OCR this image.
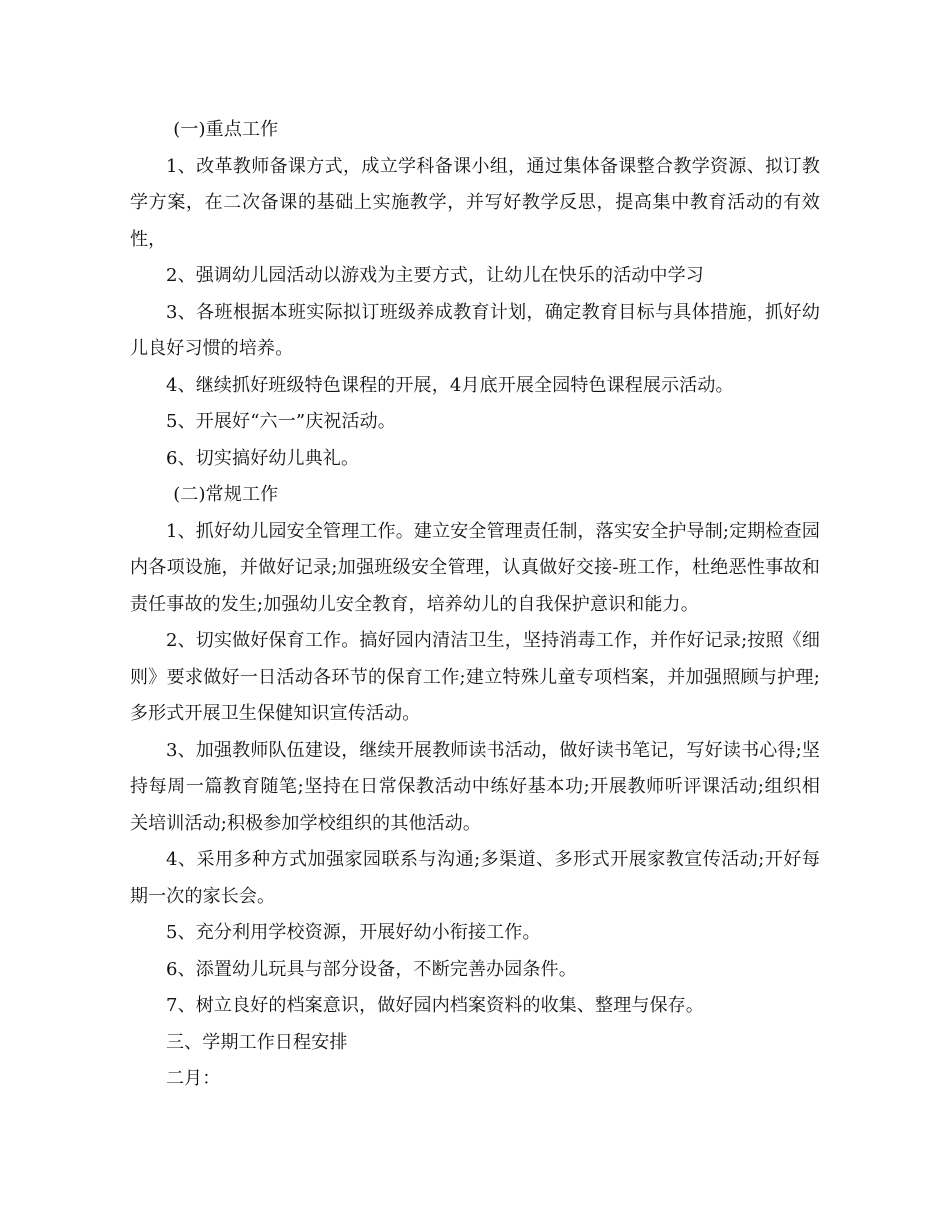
(一)重点工作

1、改革教师备课方式，成立学科备课小组，通过集体备课整合教学资源、拟订教学方案，在二次备课的基础上实施教学，并写好教学反思，提高集中教育活动的有效性，

2、强调幼儿园活动以游戏为主要方式，让幼儿在快乐的活动中学习

3、各班根据本班实际拟订班级养成教育计划，确定教育目标与具体措施，抓好幼儿良好习惯的培养。

4、继续抓好班级特色课程的开展，4月底开展全园特色课程展示活动。

5、开展好“六一”庆祝活动。

6、切实搞好幼儿典礼。

(二)常规工作

1、抓好幼儿园安全管理工作。建立安全管理责任制，落实安全护导制;定期检查园内各项设施，并做好记录;加强班级安全管理，认真做好交接-班工作，杜绝恶性事故和责任事故的发生;加强幼儿安全教育，培养幼儿的自我保护意识和能力。

2、切实做好保育工作。搞好园内清洁卫生，坚持消毒工作，并作好记录;按照《细则》要求做好一日活动各环节的保育工作;建立特殊儿童专项档案，并加强照顾与护理;多形式开展卫生保健知识宣传活动。

3、加强教师队伍建设，继续开展教师读书活动，做好读书笔记，写好读书心得;坚持每周一篇教育随笔;坚持在日常保教活动中练好基本功;开展教师听评课活动;组织相关培训活动;积极参加学校组织的其他活动。

4、采用多种方式加强家园联系与沟通;多渠道、多形式开展家教宣传活动;开好每期一次的家长会。

5、充分利用学校资源，开展好幼小衔接工作。

6、添置幼儿玩具与部分设备，不断完善办园条件。

7、树立良好的档案意识，做好园内档案资料的收集、整理与保存。

三、学期工作日程安排

二月：
